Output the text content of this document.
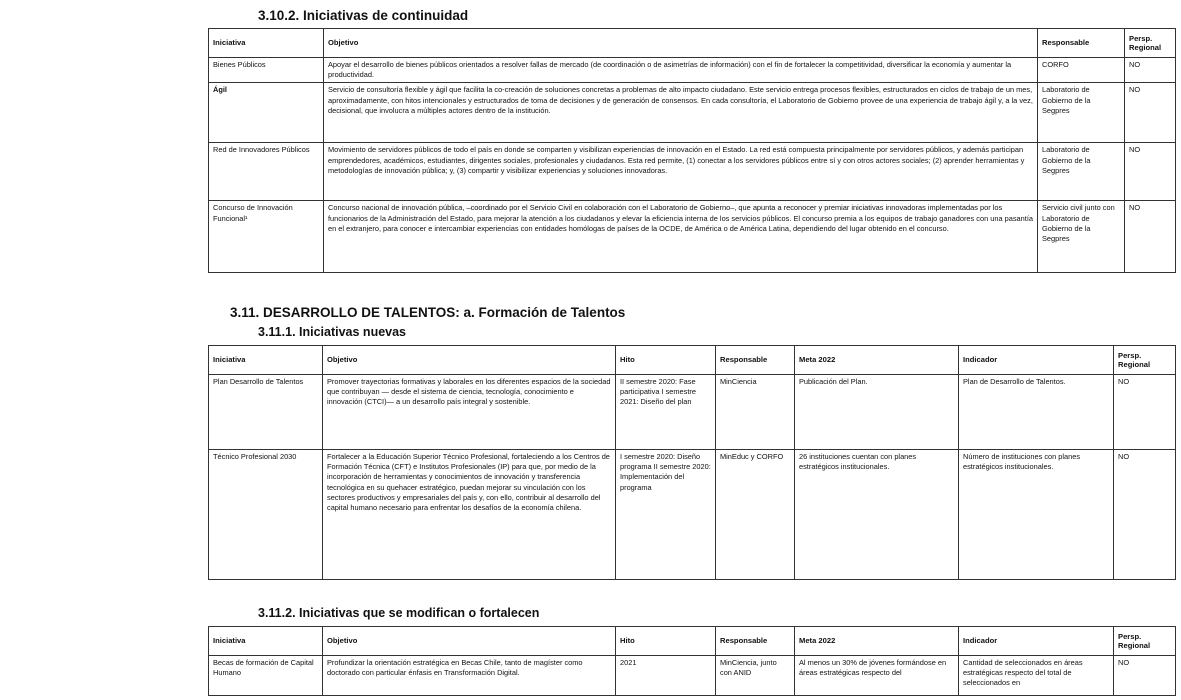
3.10.2. Iniciativas de continuidad
Iniciativa	Objetivo	Responsable	Persp. Regional
Bienes Públicos	Apoyar el desarrollo de bienes públicos orientados a resolver fallas de mercado (de coordinación o de asimetrías de información) con el fin de fortalecer la competitividad, diversificar la economía y aumentar la productividad.	CORFO	NO
Ágil	Servicio de consultoría flexible y ágil que facilita la co-creación de soluciones concretas a problemas de alto impacto ciudadano. Este servicio entrega procesos flexibles, estructurados en ciclos de trabajo de un mes, aproximadamente, con hitos intencionales y estructurados de toma de decisiones y de generación de consensos. En cada consultoría, el Laboratorio de Gobierno provee de una experiencia de trabajo ágil y, a la vez, decisional, que involucra a múltiples actores dentro de la institución.	Laboratorio de Gobierno de la Segpres	NO
Red de Innovadores Públicos	Movimiento de servidores públicos de todo el país en donde se comparten y visibilizan experiencias de innovación en el Estado. La red está compuesta principalmente por servidores públicos, y además participan emprendedores, académicos, estudiantes, dirigentes sociales, profesionales y ciudadanos. Esta red permite, (1) conectar a los servidores públicos entre sí y con otros actores sociales; (2) aprender herramientas y metodologías de innovación pública; y, (3) compartir y visibilizar experiencias y soluciones innovadoras.	Laboratorio de Gobierno de la Segpres	NO
Concurso de Innovación Funcional¹	Concurso nacional de innovación pública, –coordinado por el Servicio Civil en colaboración con el Laboratorio de Gobierno–, que apunta a reconocer y premiar iniciativas innovadoras implementadas por los funcionarios de la Administración del Estado, para mejorar la atención a los ciudadanos y elevar la eficiencia interna de los servicios públicos. El concurso premia a los equipos de trabajo ganadores con una pasantía en el extranjero, para conocer e intercambiar experiencias con entidades homólogas de países de la OCDE, de América o de América Latina, dependiendo del lugar obtenido en el concurso.	Servicio civil junto con Laboratorio de Gobierno de la Segpres	NO
3.11. DESARROLLO DE TALENTOS: a. Formación de Talentos
3.11.1. Iniciativas nuevas
Iniciativa	Objetivo	Hito	Responsable	Meta 2022	Indicador	Persp. Regional
Plan Desarrollo de Talentos	Promover trayectorias formativas y laborales en los diferentes espacios de la sociedad que contribuyan — desde el sistema de ciencia, tecnología, conocimiento e innovación (CTCI)— a un desarrollo país integral y sostenible.	II semestre 2020: Fase participativa I semestre 2021: Diseño del plan	MinCiencia	Publicación del Plan.	Plan de Desarrollo de Talentos.	NO
Técnico Profesional 2030	Fortalecer a la Educación Superior Técnico Profesional, fortaleciendo a los Centros de Formación Técnica (CFT) e Institutos Profesionales (IP) para que, por medio de la incorporación de herramientas y conocimientos de innovación y transferencia tecnológica en su quehacer estratégico, puedan mejorar su vinculación con los sectores productivos y empresariales del país y, con ello, contribuir al desarrollo del capital humano necesario para enfrentar los desafíos de la economía chilena.	I semestre 2020: Diseño programa II semestre 2020: Implementación del programa	MinEduc y CORFO	26 instituciones cuentan con planes estratégicos institucionales.	Número de instituciones con planes estratégicos institucionales.	NO
3.11.2. Iniciativas que se modifican o fortalecen
Iniciativa	Objetivo	Hito	Responsable	Meta 2022	Indicador	Persp. Regional
Becas de formación de Capital Humano	Profundizar la orientación estratégica en Becas Chile, tanto de magíster como doctorado con particular énfasis en Transformación Digital.	2021	MinCiencia, junto con ANID	Al menos un 30% de jóvenes formándose en áreas estratégicas respecto del	Cantidad de seleccionados en áreas estratégicas respecto del total de seleccionados en	NO
